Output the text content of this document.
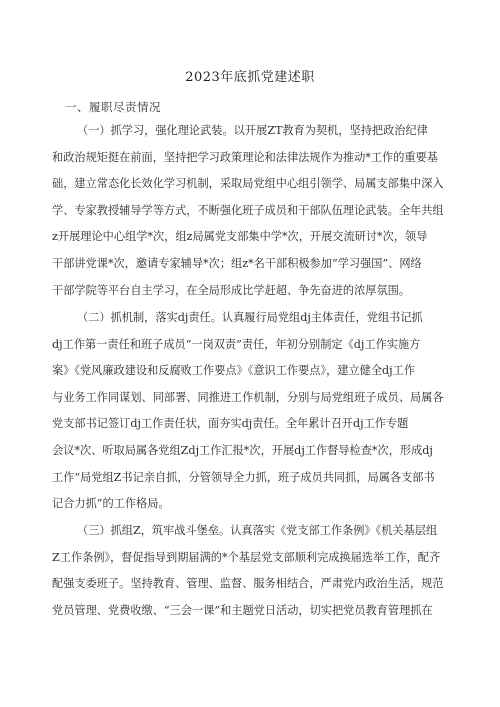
2023年底抓党建述职
一、履职尽责情况
（一）抓学习，强化理论武装。以开展ZT教育为契机，坚持把政治纪律
和政治规矩挺在前面，坚持把学习政策理论和法律法规作为推动*工作的重要基
础，建立常态化长效化学习机制，采取局党组中心组引领学、局属支部集中深入
学、专家教授辅导学等方式，不断强化班子成员和干部队伍理论武装。全年共组
z开展理论中心组学*次，组z局属党支部集中学*次，开展交流研讨*次，领导
干部讲党课*次，邀请专家辅导*次；组z*名干部积极参加“学习强国”、网络
干部学院等平台自主学习，在全局形成比学赶超、争先奋进的浓厚氛围。
（二）抓机制，落实dj责任。认真履行局党组dj主体责任，党组书记抓
dj工作第一责任和班子成员“一岗双责”责任，年初分别制定《dj工作实施方
案》《党风廉政建设和反腐败工作要点》《意识工作要点》，建立健全dj工作
与业务工作同谋划、同部署、同推进工作机制，分别与局党组班子成员、局属各
党支部书记签订dj工作责任状，面夯实dj责任。全年累计召开dj工作专题
会议*次、听取局属各党组Zdj工作汇报*次，开展dj工作督导检查*次，形成dj
工作“局党组Z书记亲自抓，分管领导全力抓，班子成员共同抓，局属各支部书
记合力抓”的工作格局。
（三）抓组Z，筑牢战斗堡垒。认真落实《党支部工作条例》《机关基层组
Z工作条例》，督促指导到期届满的*个基层党支部顺利完成换届选举工作，配齐
配强支委班子。坚持教育、管理、监督、服务相结合，严肃党内政治生活，规范
党员管理、党费收缴、“三会一课”和主题党日活动，切实把党员教育管理抓在
